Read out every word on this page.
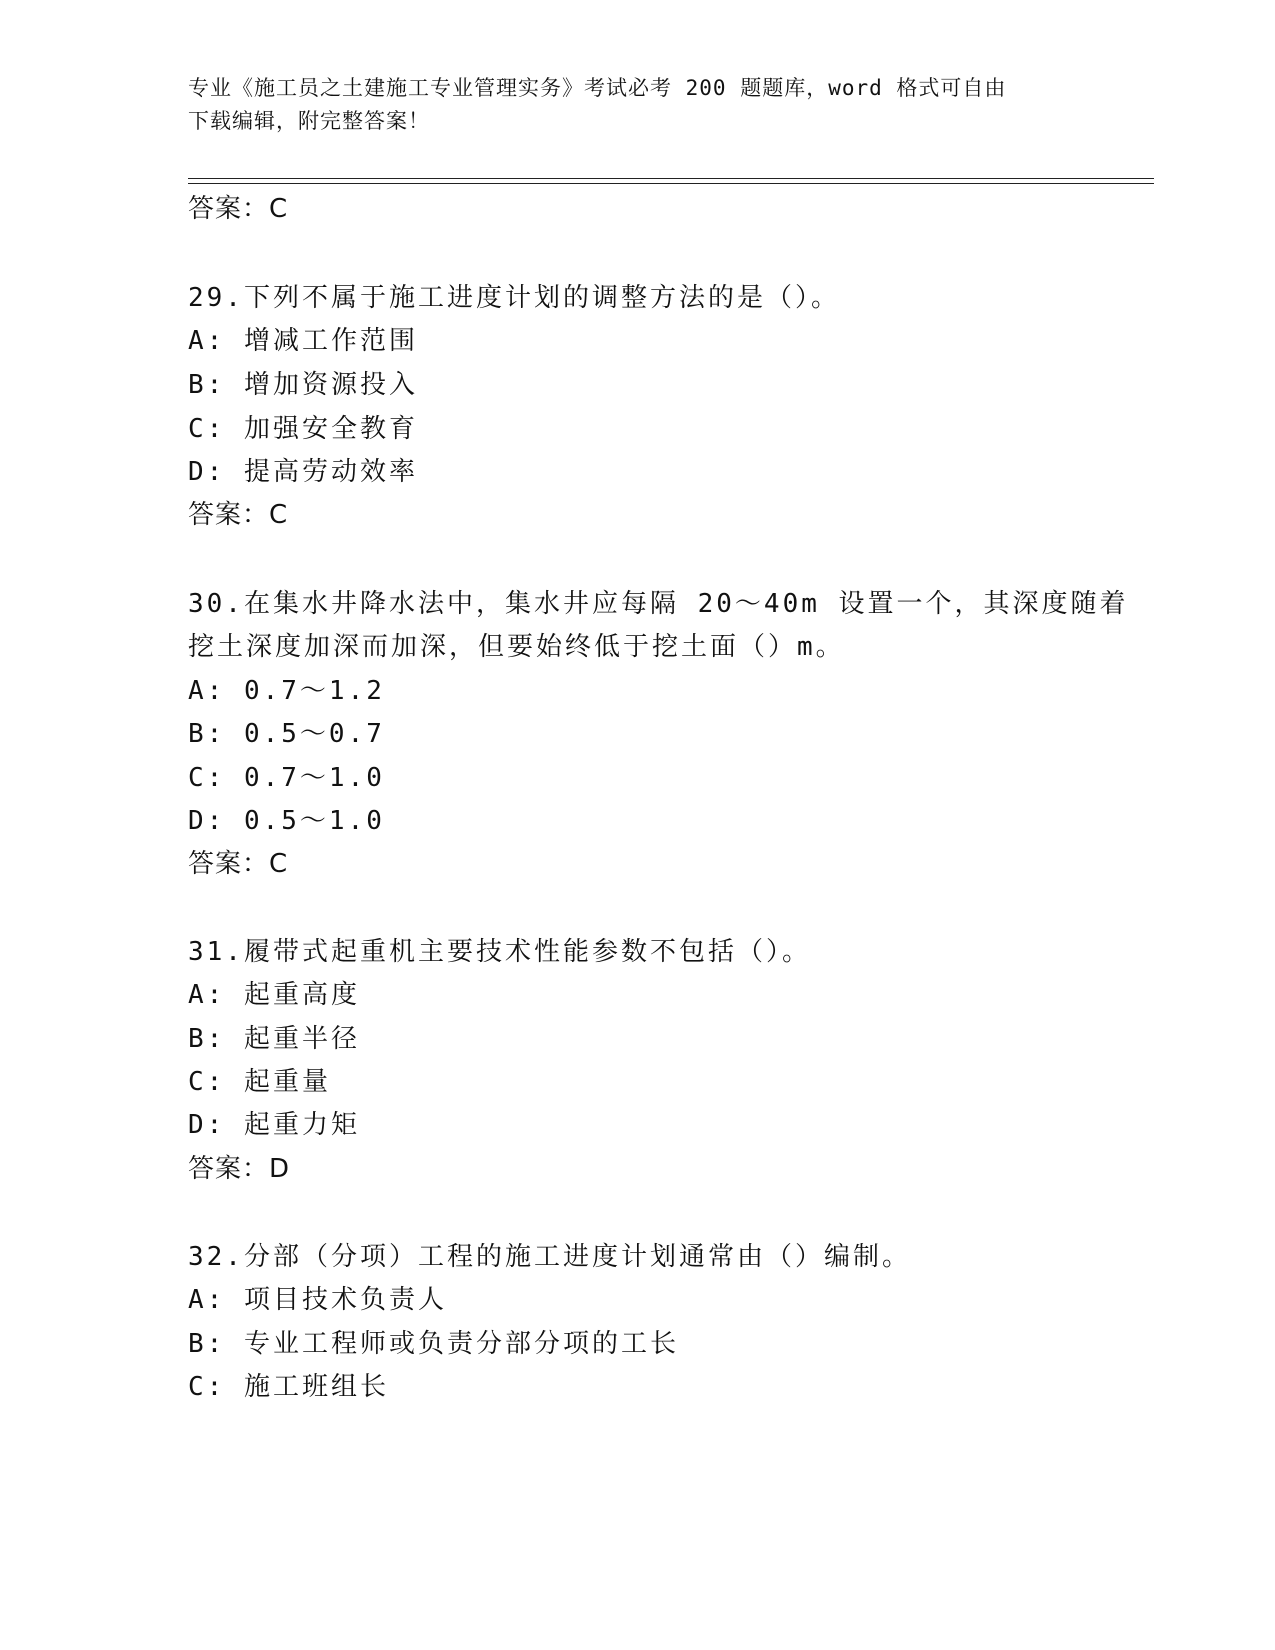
专业《施工员之土建施工专业管理实务》考试必考 200 题题库，word 格式可自由
下载编辑，附完整答案！
答案：C
29.下列不属于施工进度计划的调整方法的是（）。
A: 增减工作范围
B: 增加资源投入
C: 加强安全教育
D: 提高劳动效率
答案：C
30.在集水井降水法中，集水井应每隔 20～40m 设置一个，其深度随着
挖土深度加深而加深，但要始终低于挖土面（）m。
A: 0.7～1.2
B: 0.5～0.7
C: 0.7～1.0
D: 0.5～1.0
答案：C
31.履带式起重机主要技术性能参数不包括（）。
A: 起重高度
B: 起重半径
C: 起重量
D: 起重力矩
答案：D
32.分部（分项）工程的施工进度计划通常由（）编制。
A: 项目技术负责人
B: 专业工程师或负责分部分项的工长
C: 施工班组长
